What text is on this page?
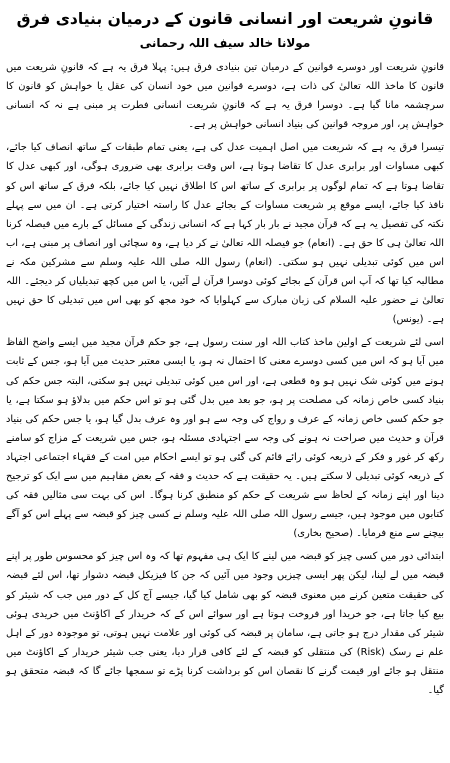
قانونِ شریعت اور انسانی قانون کے درمیان بنیادی فرق
مولانا خالد سیف اللہ رحمانی

قانونِ شریعت اور دوسرے قوانین کے درمیان تین بنیادی فرق ہیں: پہلا فرق یہ ہے کہ قانونِ شریعت میں قانون کا ماخذ اللہ تعالیٰ کی ذات ہے، دوسرے قوانین میں خود انسان کی عقل یا خواہش کو قانون کا سرچشمہ مانا گیا ہے۔ دوسرا فرق یہ ہے کہ قانونِ شریعت انسانی فطرت پر مبنی ہے نہ کہ انسانی خواہش پر، اور مروجہ قوانین کی بنیاد انسانی خواہش پر ہے۔

تیسرا فرق یہ ہے کہ شریعت میں اصل اہمیت عدل کی ہے، یعنی تمام طبقات کے ساتھ انصاف کیا جائے، کبھی مساوات اور برابری عدل کا تقاضا ہوتا ہے، اس وقت برابری بھی ضروری ہوگی، اور کبھی عدل کا تقاضا ہوتا ہے کہ تمام لوگوں پر برابری کے ساتھ اس کا اطلاق نہیں کیا جائے، بلکہ فرق کے ساتھ اس کو نافذ کیا جائے، ایسے موقع پر شریعت مساوات کے بجائے عدل کا راستہ اختیار کرتی ہے۔ ان میں سے پہلے نکتہ کی تفصیل یہ ہے کہ قرآن مجید نے بار بار کہا ہے کہ انسانی زندگی کے مسائل کے بارے میں فیصلہ کرنا اللہ تعالیٰ ہی کا حق ہے۔ (انعام) جو فیصلہ اللہ تعالیٰ نے کر دیا ہے، وہ سچائی اور انصاف پر مبنی ہے، اب اس میں کوئی تبدیلی نہیں ہو سکتی۔ (انعام) رسول اللہ صلی اللہ علیہ وسلم سے مشرکین مکہ نے مطالبہ کیا تھا کہ آپ اس قرآن کے بجائے کوئی دوسرا قرآن لے آئیں، یا اس میں کچھ تبدیلیاں کر دیجئے۔ اللہ تعالیٰ نے حضور علیہ السلام کی زبان مبارک سے کہلوایا کہ خود مجھ کو بھی اس میں تبدیلی کا حق نہیں ہے۔ (یونس)

اسی لئے شریعت کے اولین ماخذ کتاب اللہ اور سنت رسول ہے، جو حکم قرآن مجید میں ایسے واضح الفاظ میں آیا ہو کہ اس میں کسی دوسرے معنی کا احتمال نہ ہو، یا ایسی معتبر حدیث میں آیا ہو، جس کے ثابت ہونے میں کوئی شک نہیں ہو وہ قطعی ہے، اور اس میں کوئی تبدیلی نہیں ہو سکتی، البتہ جس حکم کی بنیاد کسی خاص زمانہ کی مصلحت پر ہو، جو بعد میں بدل گئی ہو تو اس حکم میں بدلاؤ ہو سکتا ہے، یا جو حکم کسی خاص زمانہ کے عرف و رواج کی وجہ سے ہو اور وہ عرف بدل گیا ہو، یا جس حکم کی بنیاد قرآن و حدیث میں صراحت نہ ہونے کی وجہ سے اجتہادی مسئلہ ہو، جس میں شریعت کے مزاج کو سامنے رکھ کر غور و فکر کے ذریعہ کوئی رائے قائم کی گئی ہو تو ایسے احکام میں امت کے فقہاء اجتماعی اجتہاد کے ذریعہ کوئی تبدیلی لا سکتے ہیں۔ یہ حقیقت ہے کہ حدیث و فقہ کے بعض مفاہیم میں سے ایک کو ترجیح دینا اور اپنے زمانہ کے لحاظ سے شریعت کے حکم کو منطبق کرنا ہوگا۔ اس کی بہت سی مثالیں فقہ کی کتابوں میں موجود ہیں، جیسے رسول اللہ صلی اللہ علیہ وسلم نے کسی چیز کو قبضہ سے پہلے اس کو آگے بیچنے سے منع فرمایا۔ (صحیح بخاری)

ابتدائی دور میں کسی چیز کو قبضہ میں لینے کا ایک ہی مفہوم تھا کہ وہ اس چیز کو محسوس طور پر اپنے قبضہ میں لے لینا، لیکن پھر ایسی چیزیں وجود میں آئیں کہ جن کا فیزیکل قبضہ دشوار تھا، اس لئے قبضہ کی حقیقت متعین کرنے میں معنوی قبضہ کو بھی شامل کیا گیا، جیسے آج کل کے دور میں جب کہ شیئر کو بیع کیا جاتا ہے، جو خریدا اور فروخت ہوتا ہے اور سوائے اس کے کہ خریدار کے اکاؤنٹ میں خریدی ہوئی شیئر کی مقدار درج ہو جاتی ہے، سامان پر قبضہ کی کوئی اور علامت نہیں ہوتی، تو موجودہ دور کے اہل علم نے رسک (Risk) کی منتقلی کو قبضہ کے لئے کافی قرار دیا، یعنی جب شیئر خریدار کے اکاؤنٹ میں منتقل ہو جائے اور قیمت گرنے کا نقصان اس کو برداشت کرنا پڑے تو سمجھا جائے گا کہ قبضہ متحقق ہو گیا۔
